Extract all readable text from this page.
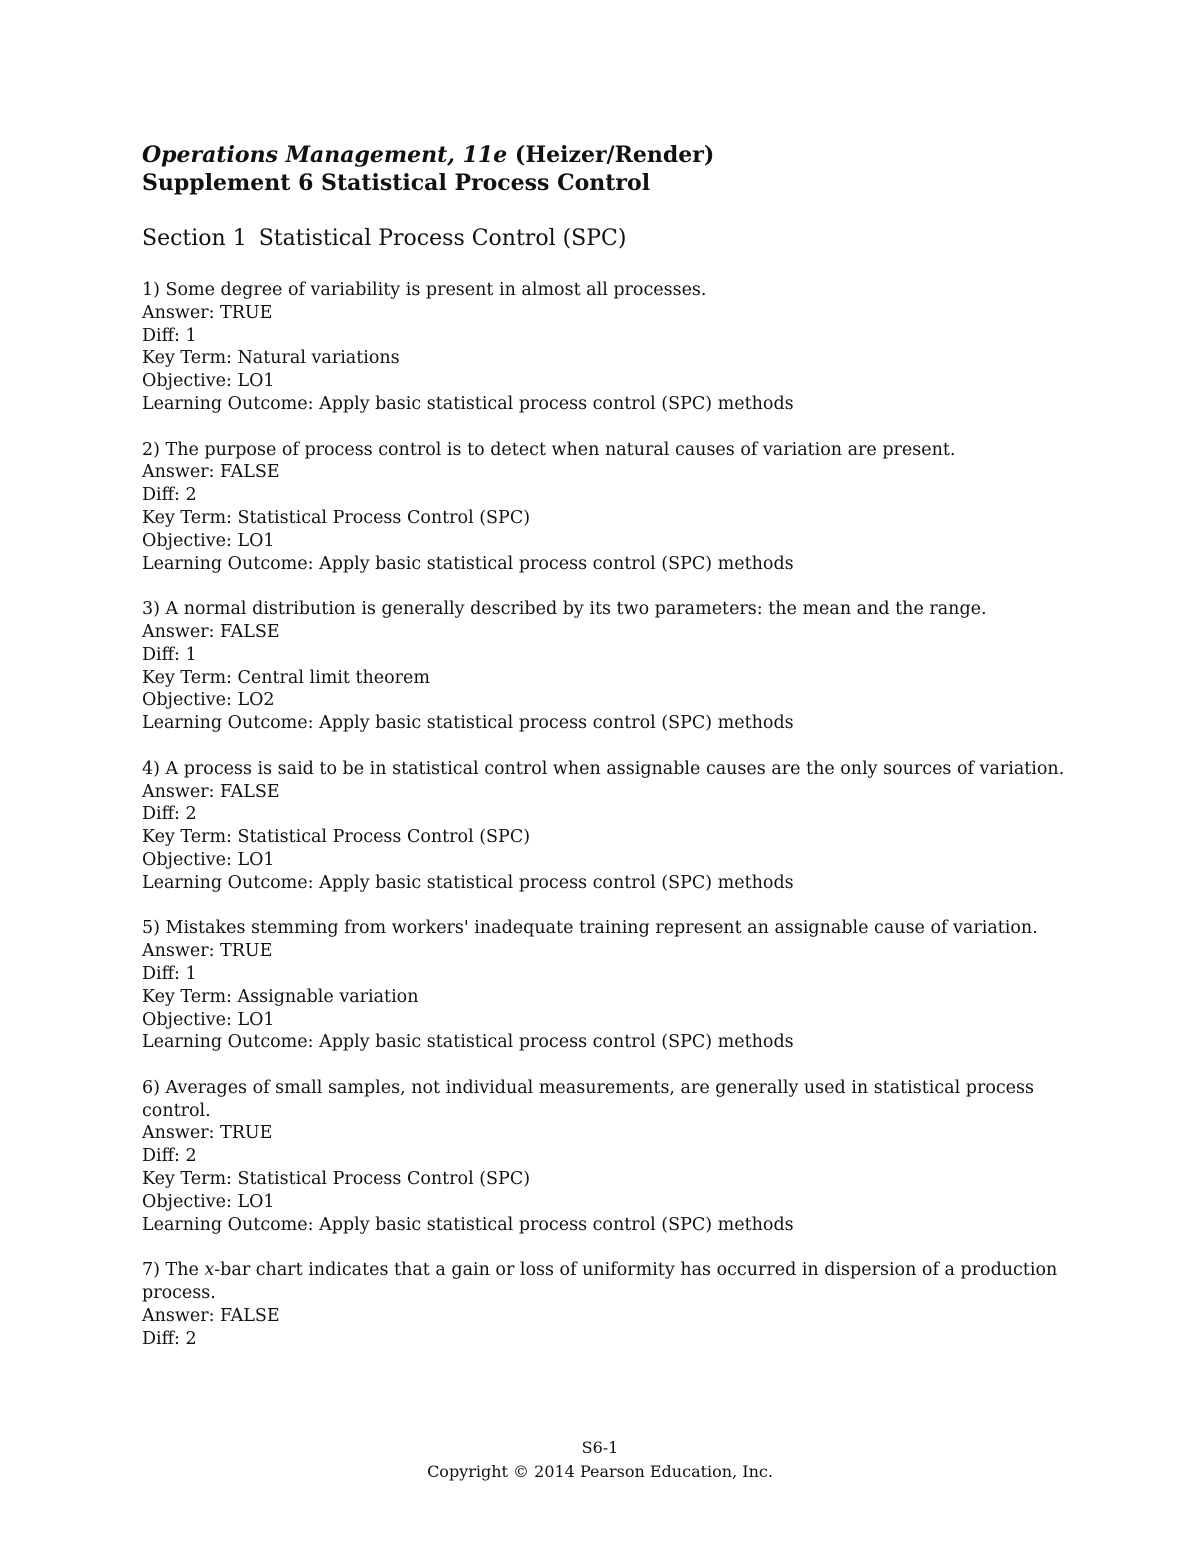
Operations Management, 11e (Heizer/Render)

Supplement 6 Statistical Process Control

Section 1 Statistical Process Control (SPC)

1) Some degree of variability is present in almost all processes.

Answer: TRUE

Diff: 1

Key Term: Natural variations

Objective: LO1

Learning Outcome: Apply basic statistical process control (SPC) methods

2) The purpose of process control is to detect when natural causes of variation are present.

Answer: FALSE

Diff: 2

Key Term: Statistical Process Control (SPC)

Objective: LO1

Learning Outcome: Apply basic statistical process control (SPC) methods

3) A normal distribution is generally described by its two parameters: the mean and the range.

Answer: FALSE

Diff: 1

Key Term: Central limit theorem

Objective: LO2

Learning Outcome: Apply basic statistical process control (SPC) methods

4) A process is said to be in statistical control when assignable causes are the only sources of variation.

Answer: FALSE

Diff: 2

Key Term: Statistical Process Control (SPC)

Objective: LO1

Learning Outcome: Apply basic statistical process control (SPC) methods

5) Mistakes stemming from workers' inadequate training represent an assignable cause of variation.

Answer: TRUE

Diff: 1

Key Term: Assignable variation

Objective: LO1

Learning Outcome: Apply basic statistical process control (SPC) methods

6) Averages of small samples, not individual measurements, are generally used in statistical process control.

Answer: TRUE

Diff: 2

Key Term: Statistical Process Control (SPC)

Objective: LO1

Learning Outcome: Apply basic statistical process control (SPC) methods

7) The x-bar chart indicates that a gain or loss of uniformity has occurred in dispersion of a production process.

Answer: FALSE

Diff: 2

S6-1
Copyright © 2014 Pearson Education, Inc.
